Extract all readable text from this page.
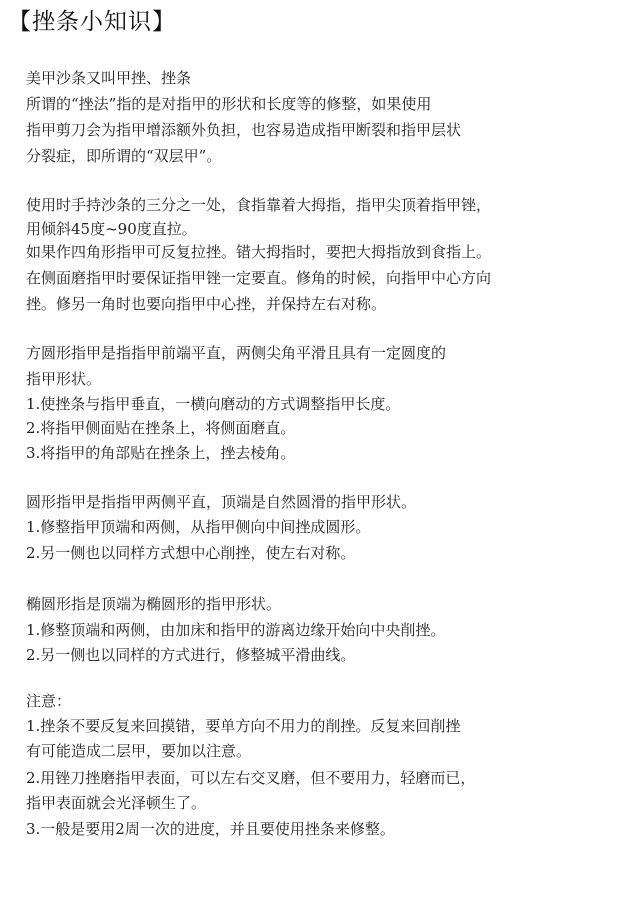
【挫条小知识】
美甲沙条又叫甲挫、挫条
所谓的“挫法”指的是对指甲的形状和长度等的修整，如果使用
指甲剪刀会为指甲增添额外负担，也容易造成指甲断裂和指甲层状
分裂症，即所谓的“双层甲”。
使用时手持沙条的三分之一处，食指靠着大拇指，指甲尖顶着指甲锉，
用倾斜45度~90度直拉。
如果作四角形指甲可反复拉挫。错大拇指时，要把大拇指放到食指上。
在侧面磨指甲时要保证指甲锉一定要直。修角的时候，向指甲中心方向
挫。修另一角时也要向指甲中心挫，并保持左右对称。
方圆形指甲是指指甲前端平直，两侧尖角平滑且具有一定圆度的
指甲形状。
1.使挫条与指甲垂直，一横向磨动的方式调整指甲长度。
2.将指甲侧面贴在挫条上，将侧面磨直。
3.将指甲的角部贴在挫条上，挫去棱角。
圆形指甲是指指甲两侧平直，顶端是自然圆滑的指甲形状。
1.修整指甲顶端和两侧，从指甲侧向中间挫成圆形。
2.另一侧也以同样方式想中心削挫，使左右对称。
椭圆形指是顶端为椭圆形的指甲形状。
1.修整顶端和两侧，由加床和指甲的游离边缘开始向中央削挫。
2.另一侧也以同样的方式进行，修整城平滑曲线。
注意：
1.挫条不要反复来回摸错，要单方向不用力的削挫。反复来回削挫
有可能造成二层甲，要加以注意。
2.用锉刀挫磨指甲表面，可以左右交叉磨，但不要用力，轻磨而已，
指甲表面就会光泽顿生了。
3.一般是要用2周一次的进度，并且要使用挫条来修整。
